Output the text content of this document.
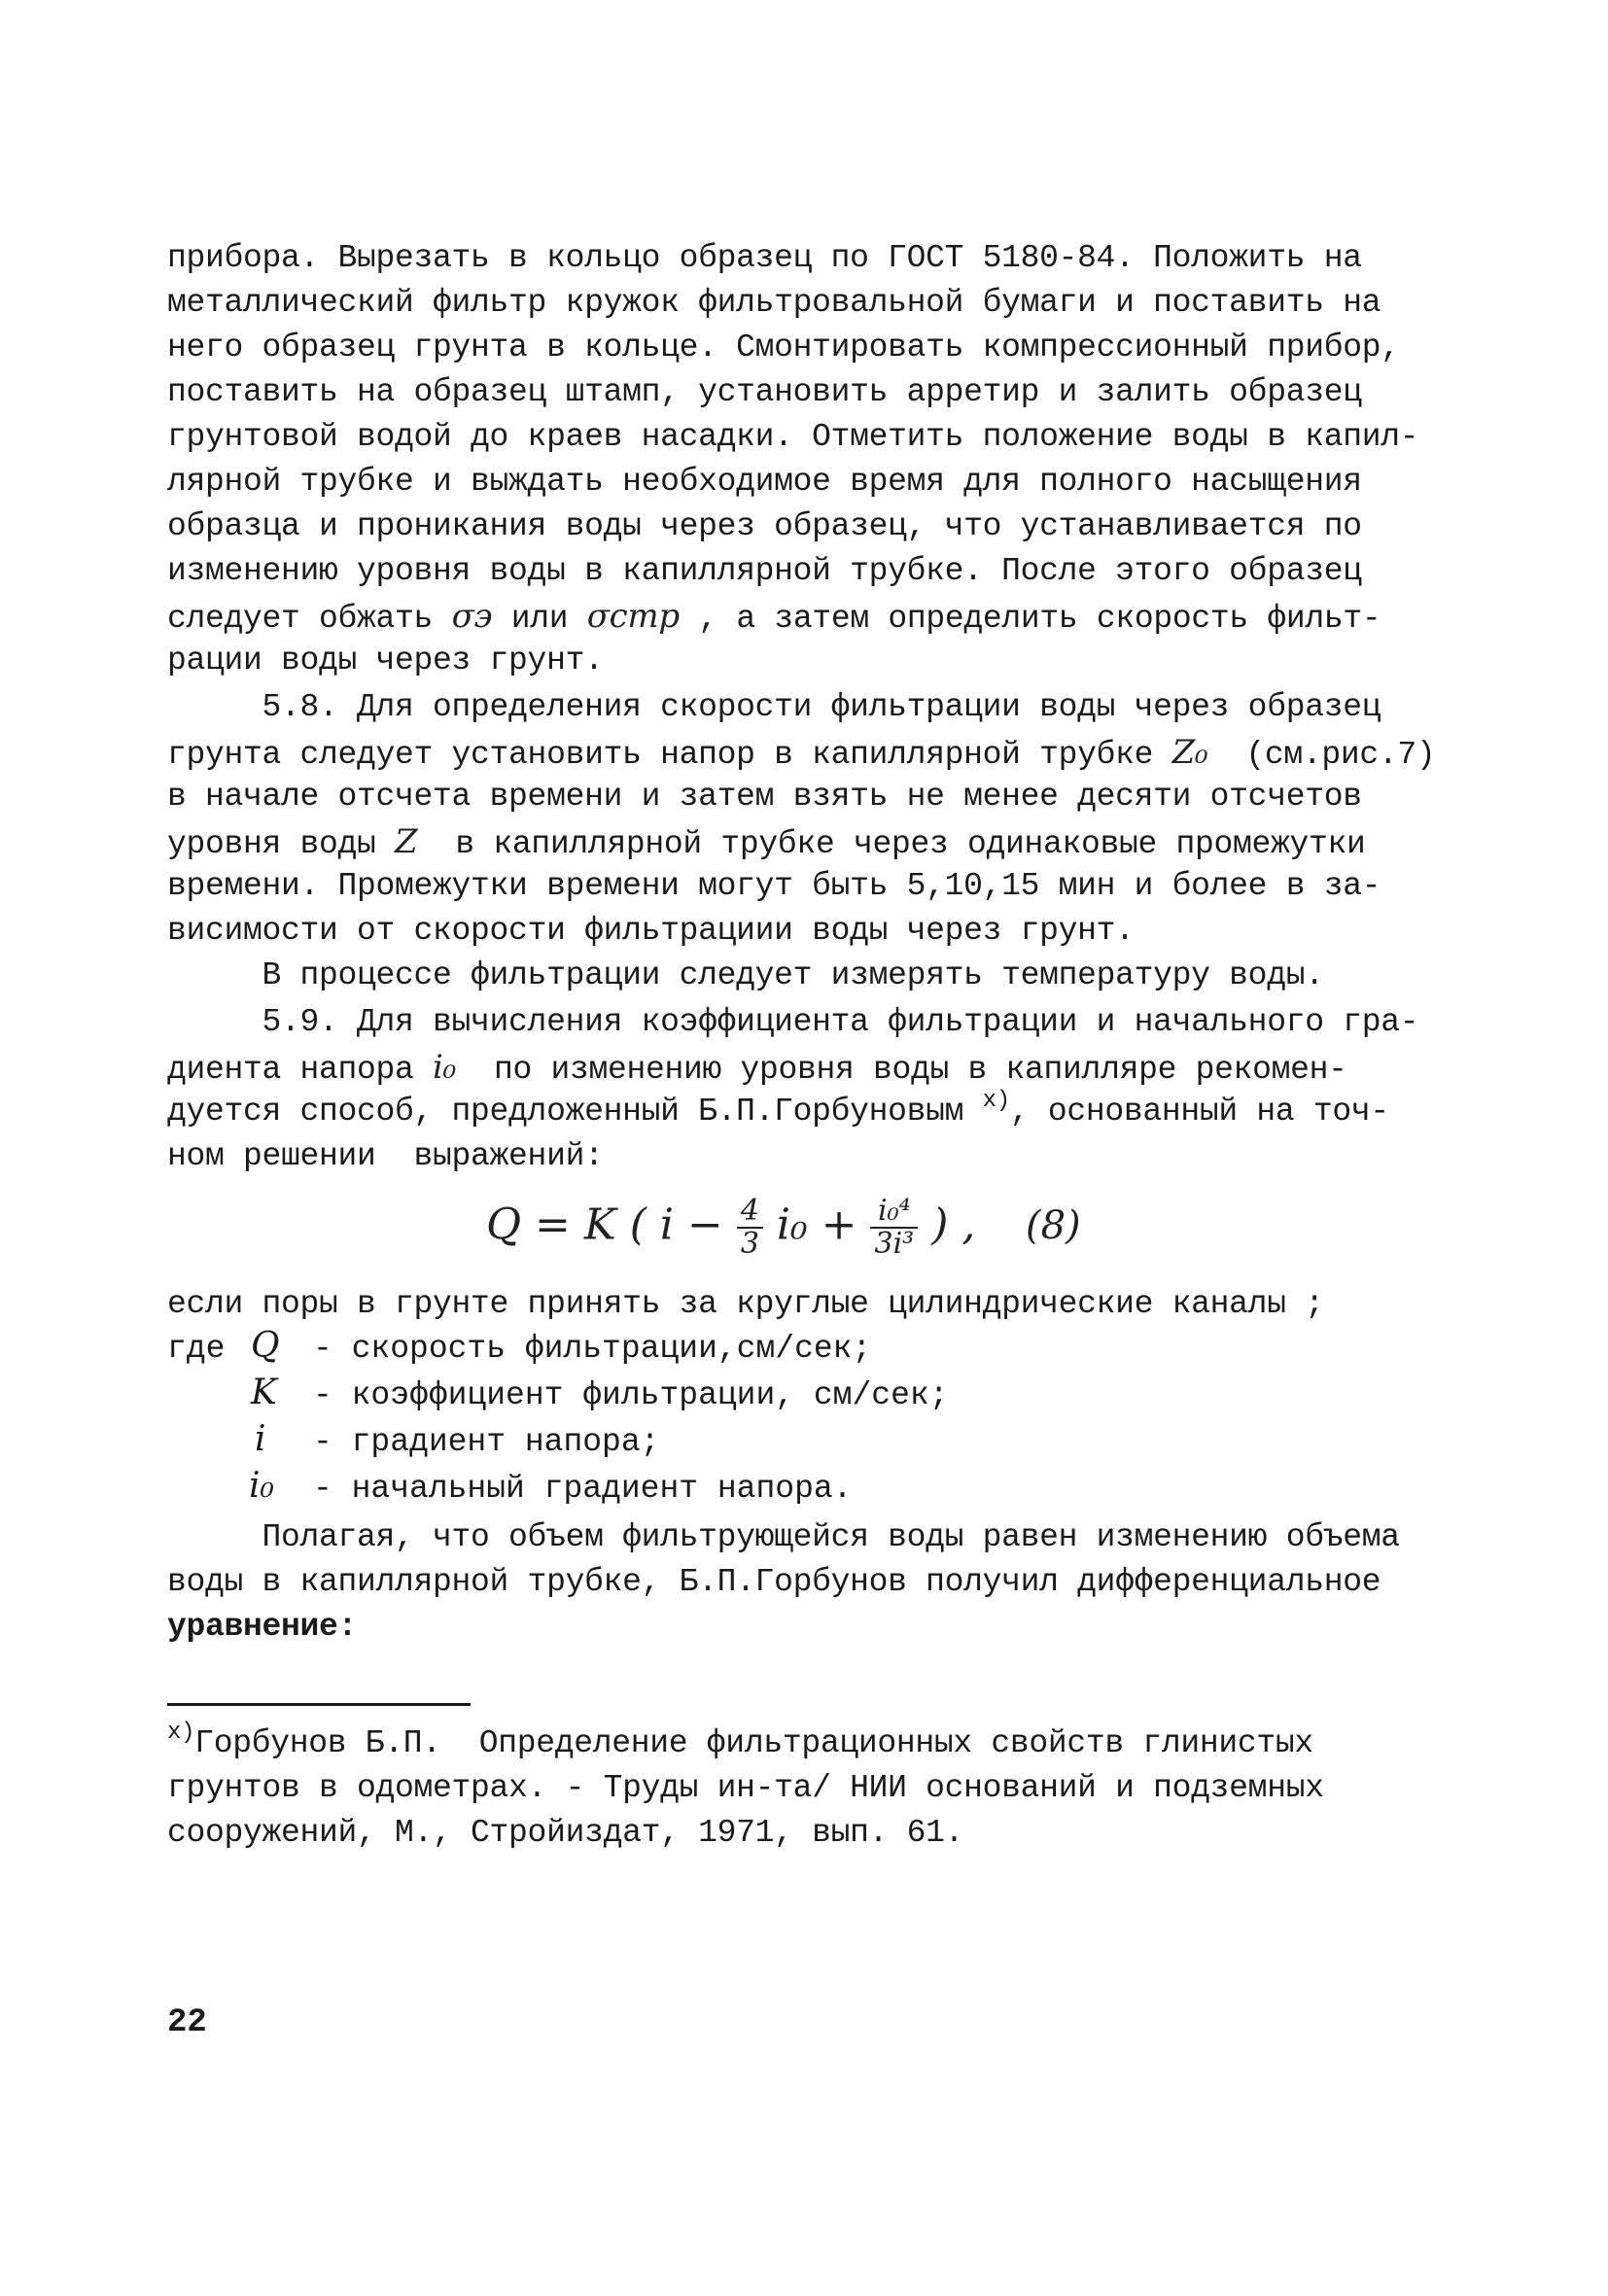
прибора. Вырезать в кольцо образец по ГОСТ 5180-84. Положить на
металлический фильтр кружок фильтровальной бумаги и поставить на
него образец грунта в кольце. Смонтировать компрессионный прибор,
поставить на образец штамп, установить арретир и залить образец
грунтовой водой до краев насадки. Отметить положение воды в капил-
лярной трубке и выждать необходимое время для полного насыщения
образца и проникания воды через образец, что устанавливается по
изменению уровня воды в капиллярной трубке. После этого образец
следует обжать σэ или σстр , а затем определить скорость фильт-
рации воды через грунт.
5.8. Для определения скорости фильтрации воды через образец
грунта следует установить напор в капиллярной трубке Z₀  (см.рис.7)
в начале отсчета времени и затем взять не менее десяти отсчетов
уровня воды Z  в капиллярной трубке через одинаковые промежутки
времени. Промежутки времени могут быть 5,10,15 мин и более в за-
висимости от скорости фильтрациии воды через грунт.
В процессе фильтрации следует измерять температуру воды.
5.9. Для вычисления коэффициента фильтрации и начального гра-
диента напора i₀  по изменению уровня воды в капилляре рекомен-
дуется способ, предложенный Б.П.Горбуновым $^{x)}$, основанный на точ-
ном решении  выражений:
Q = K ( $i - \frac{4}{3} i_0 + \frac{\text{i₀⁴}}{\text{3i³}}$ ) , (8)
если поры в грунте принять за круглые цилиндрические каналы ;
где Q - скорость фильтрации,см/сек;
K - коэффициент фильтрации, см/сек;
i - градиент напора;
i₀ - начальный градиент напора.
Полагая, что объем фильтрующейся воды равен изменению объема
воды в капиллярной трубке, Б.П.Горбунов получил дифференциальное
уравнение:
$^{x)}$Горбунов Б.П.  Определение фильтрационных свойств глинистых
грунтов в одометрах. - Труды ин-та/ НИИ оснований и подземных
сооружений, М., Стройиздат, 1971, вып. 61.
22
